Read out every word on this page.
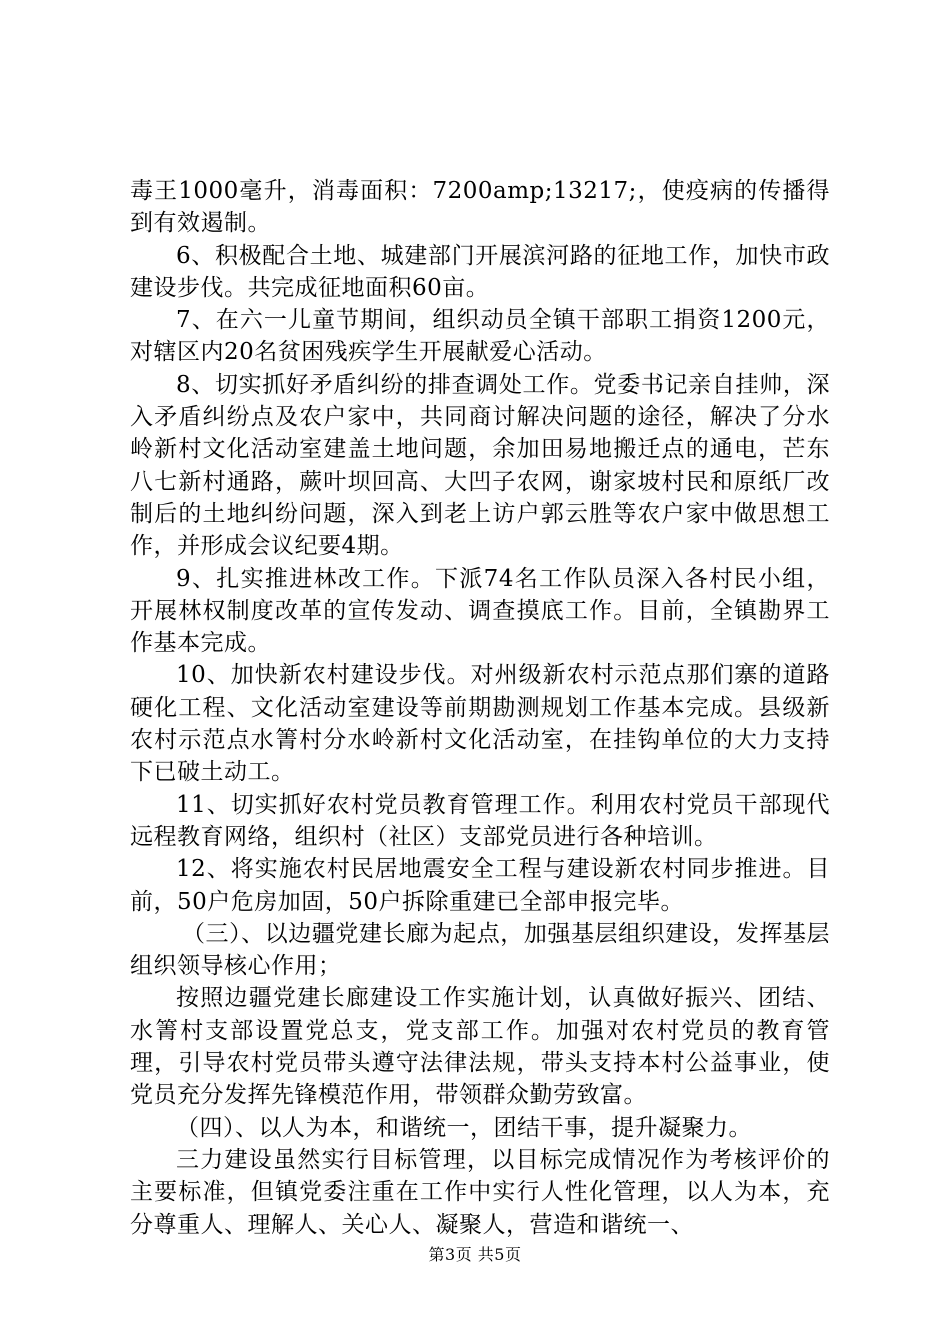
毒王1000毫升，消毒面积：7200amp;13217;，使疫病的传播得到有效遏制。

6、积极配合土地、城建部门开展滨河路的征地工作，加快市政建设步伐。共完成征地面积60亩。

7、在六一儿童节期间，组织动员全镇干部职工捐资1200元，对辖区内20名贫困残疾学生开展献爱心活动。

8、切实抓好矛盾纠纷的排查调处工作。党委书记亲自挂帅，深入矛盾纠纷点及农户家中，共同商讨解决问题的途径，解决了分水岭新村文化活动室建盖土地问题，余加田易地搬迁点的通电，芒东八七新村通路，蕨叶坝回高、大凹子农网，谢家坡村民和原纸厂改制后的土地纠纷问题，深入到老上访户郭云胜等农户家中做思想工作，并形成会议纪要4期。

9、扎实推进林改工作。下派74名工作队员深入各村民小组，开展林权制度改革的宣传发动、调查摸底工作。目前，全镇勘界工作基本完成。

10、加快新农村建设步伐。对州级新农村示范点那们寨的道路硬化工程、文化活动室建设等前期勘测规划工作基本完成。县级新农村示范点水箐村分水岭新村文化活动室，在挂钩单位的大力支持下已破土动工。

11、切实抓好农村党员教育管理工作。利用农村党员干部现代远程教育网络，组织村（社区）支部党员进行各种培训。

12、将实施农村民居地震安全工程与建设新农村同步推进。目前，50户危房加固，50户拆除重建已全部申报完毕。

（三）、以边疆党建长廊为起点，加强基层组织建设，发挥基层组织领导核心作用；

按照边疆党建长廊建设工作实施计划，认真做好振兴、团结、水箐村支部设置党总支，党支部工作。加强对农村党员的教育管理，引导农村党员带头遵守法律法规，带头支持本村公益事业，使党员充分发挥先锋模范作用，带领群众勤劳致富。

（四）、以人为本，和谐统一，团结干事，提升凝聚力。

三力建设虽然实行目标管理，以目标完成情况作为考核评价的主要标准，但镇党委注重在工作中实行人性化管理，以人为本，充分尊重人、理解人、关心人、凝聚人，营造和谐统一、

第3页 共5页
